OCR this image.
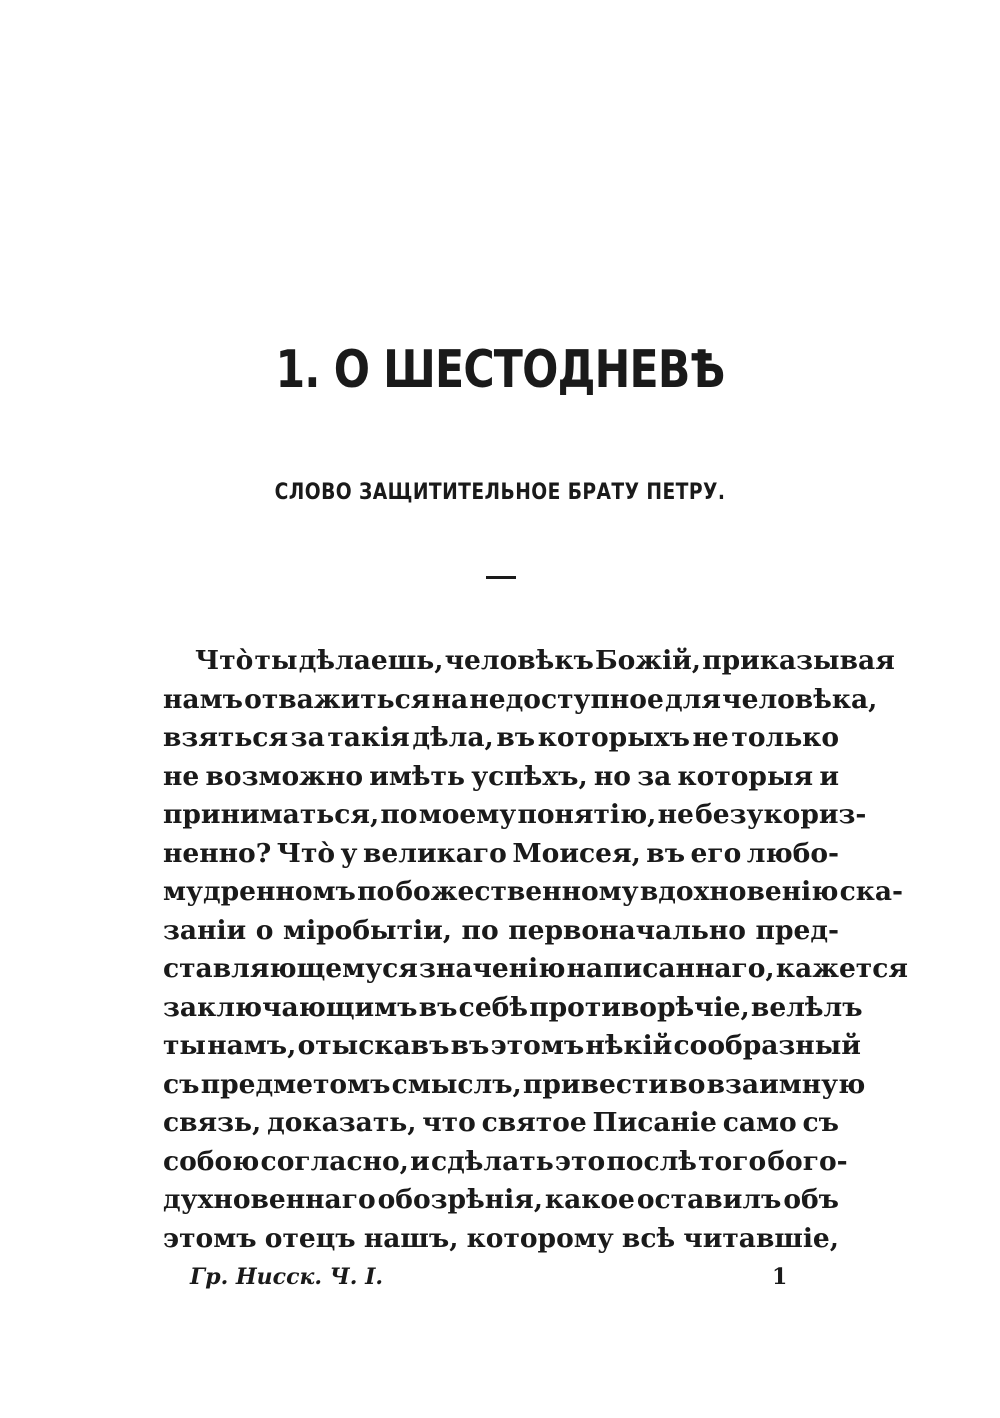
1. О ШЕСТОДНЕВѢ
СЛОВО ЗАЩИТИТЕЛЬНОЕ БРАТУ ПЕТРУ.
Чтò ты дѣлаешь, человѣкъ Божій, приказывая
намъ отважиться на недоступное для человѣка,
взяться за такія дѣла, въ которыхъ не только
не возможно имѣть успѣхъ, но за которыя и
приниматься, по моему понятію, не безукориз-
ненно? Чтò у великаго Моисея, въ его любо-
мудренномъ по божественному вдохновенію ска-
заніи о міробытіи, по первоначально пред-
ставляющемуся значенію написаннаго, кажется
заключающимъ въ себѣ противорѣчіе, велѣлъ
ты намъ, отыскавъ въ этомъ нѣкій сообразный
съ предметомъ смыслъ, привести во взаимную
связь, доказать, что святое Писаніе само съ
собою согласно, и сдѣлать это послѣ того бого-
духновеннаго обозрѣнія, какое оставилъ объ
этомъ отецъ нашъ, которому всѣ читавшіе,
Гр. Нисск. Ч. I.	1
